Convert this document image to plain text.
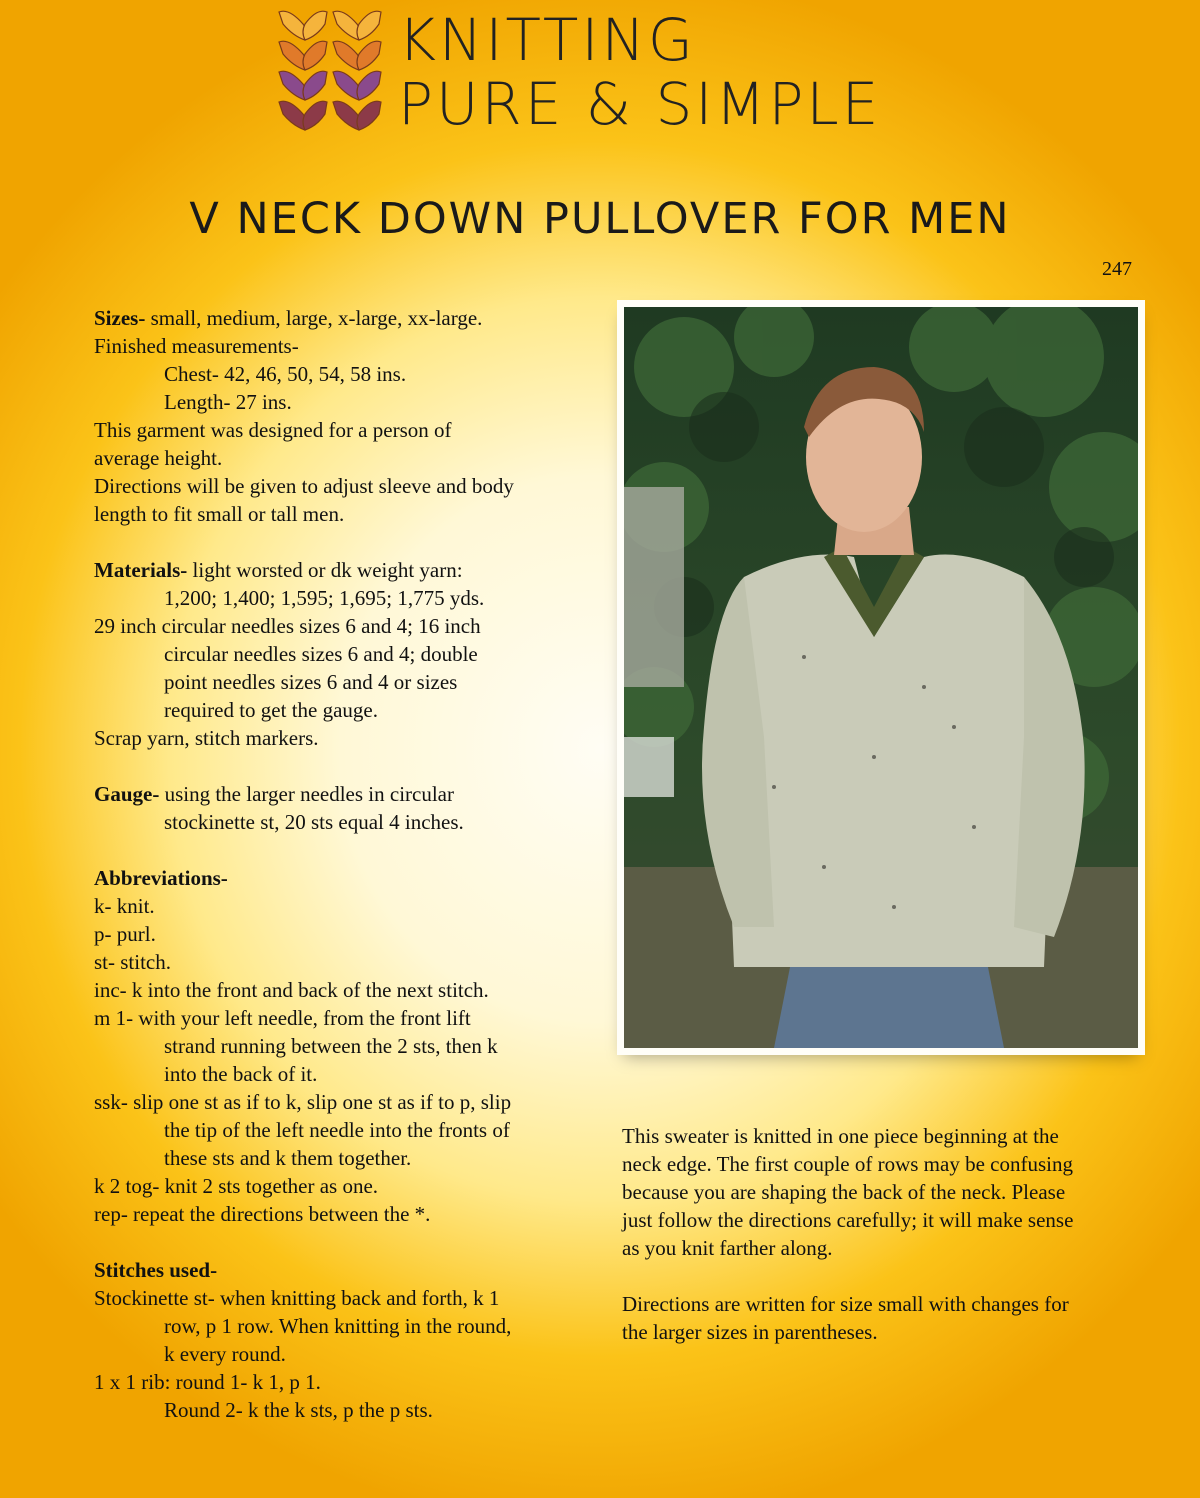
KNITTING
PURE & SIMPLE
V NECK DOWN PULLOVER FOR MEN
247

Sizes- small, medium, large, x-large, xx-large.

Finished measurements-

Chest- 42, 46, 50, 54, 58 ins.

Length- 27 ins.

This garment was designed for a person of

average height.

Directions will be given to adjust sleeve and body

length to fit small or tall men.

Materials- light worsted or dk weight yarn:

1,200; 1,400; 1,595; 1,695; 1,775 yds.

29 inch circular needles sizes 6 and 4; 16 inch

circular needles sizes 6 and 4; double

point needles sizes 6 and 4 or sizes

required to get the gauge.

Scrap yarn, stitch markers.

Gauge- using the larger needles in circular

stockinette st, 20 sts equal 4 inches.

Abbreviations-

k- knit.

p- purl.

st- stitch.

inc- k into the front and back of the next stitch.

m 1- with your left needle, from the front lift

strand running between the 2 sts, then k

into the back of it.

ssk- slip one st as if to k, slip one st as if to p, slip

the tip of the left needle into the fronts of

these sts and k them together.

k 2 tog- knit 2 sts together as one.

rep- repeat the directions between the *.

Stitches used-

Stockinette st- when knitting back and forth, k 1

row, p 1 row. When knitting in the round,

k every round.

1 x 1 rib: round 1- k 1, p 1.

Round 2- k the k sts, p the p sts.

This sweater is knitted in one piece beginning at the

neck edge. The first couple of rows may be confusing

because you are shaping the back of the neck. Please

just follow the directions carefully; it will make sense

as you knit farther along.

Directions are written for size small with changes for

the larger sizes in parentheses.
